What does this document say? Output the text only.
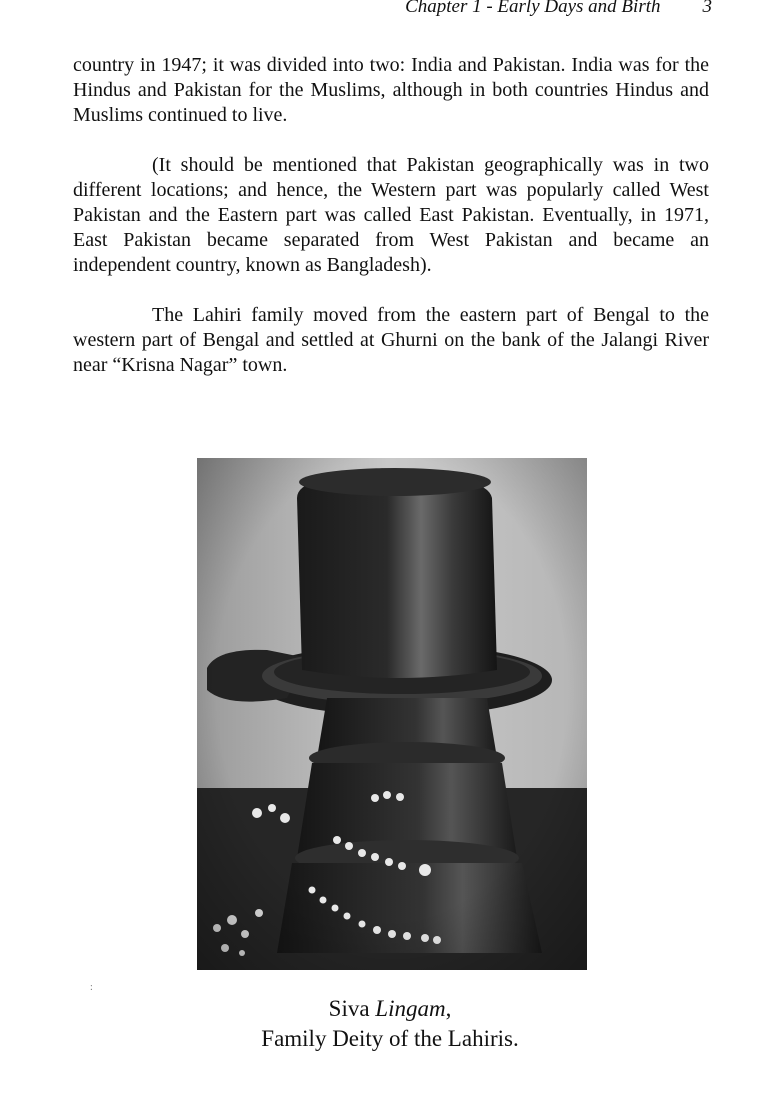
Chapter 1 - Early Days and Birth 3

country in 1947; it was divided into two: India and Pakistan. India was for the Hindus and Pakistan for the Muslims, although in both countries Hindus and Muslims continued to live.

(It should be mentioned that Pakistan geographically was in two different locations; and hence, the Western part was popularly called West Pakistan and the Eastern part was called East Pakistan. Eventually, in 1971, East Pakistan became separated from West Pakistan and became an independent country, known as Bangladesh).

The Lahiri family moved from the eastern part of Bengal to the western part of Bengal and settled at Ghurni on the bank of the Jalangi River near “Krisna Nagar” town.

Siva Lingam,
Family Deity of the Lahiris.
:
